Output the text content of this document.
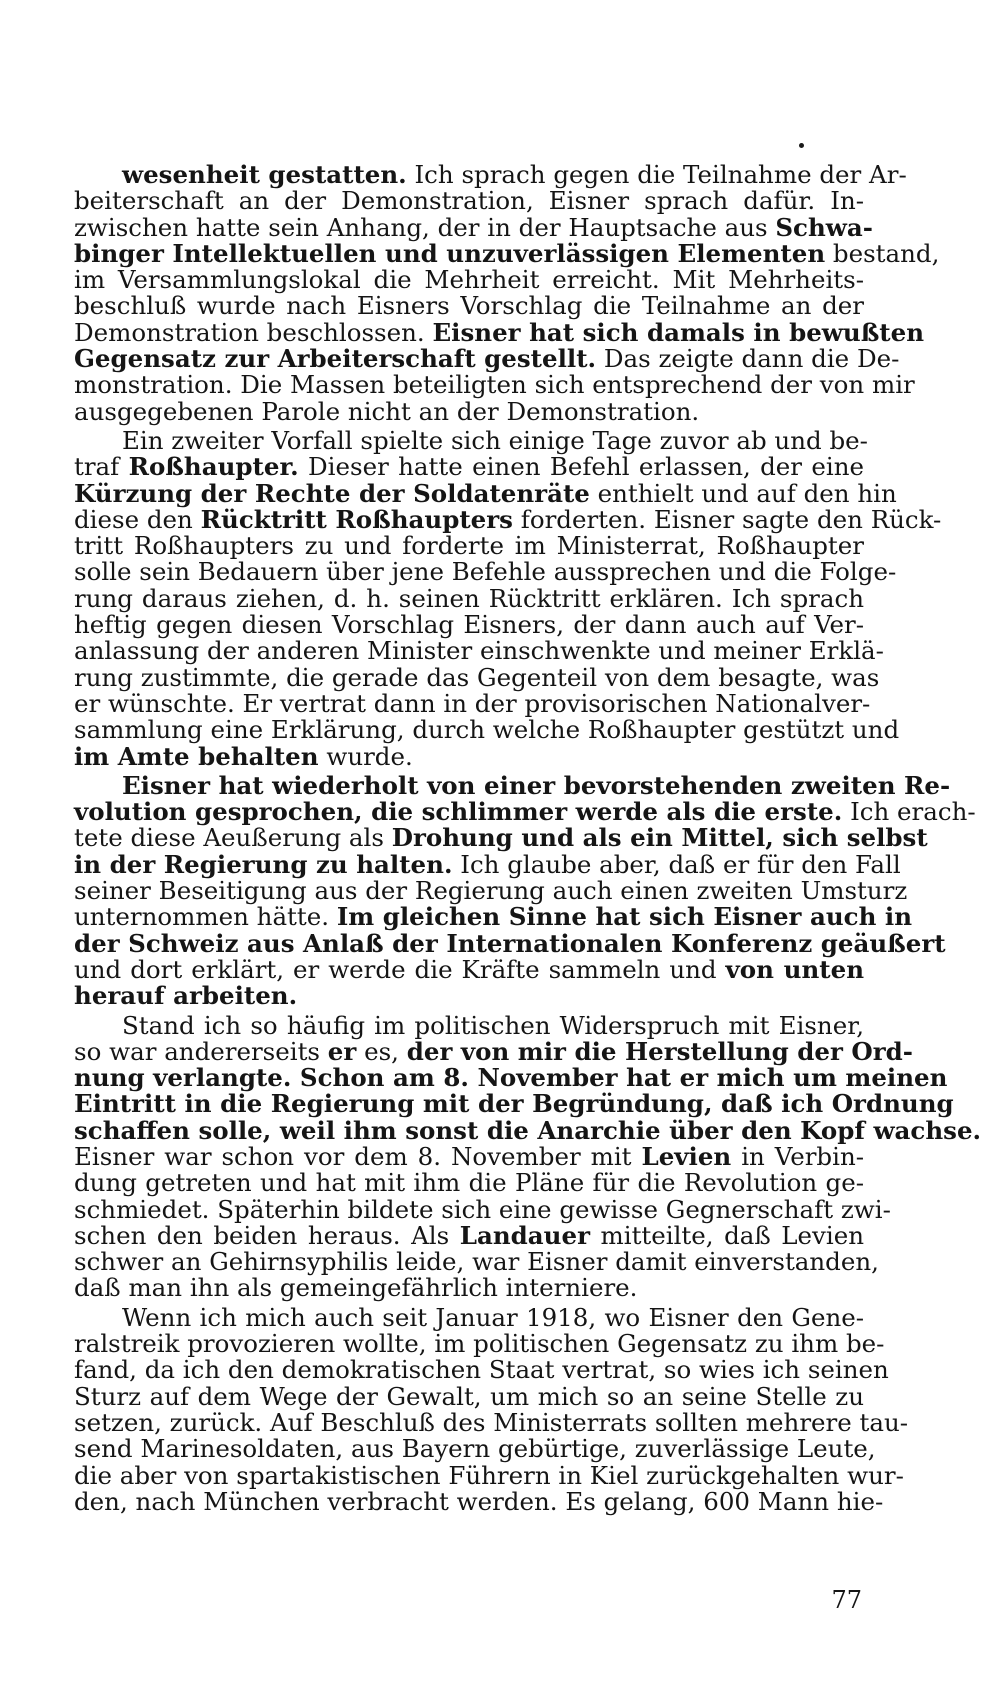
wesenheit gestatten. Ich sprach gegen die Teilnahme der Ar-
beiterschaft an der Demonstration, Eisner sprach dafür. In-
zwischen hatte sein Anhang, der in der Hauptsache aus Schwa-
binger Intellektuellen und unzuverlässigen Elementen bestand,
im Versammlungslokal die Mehrheit erreicht. Mit Mehrheits-
beschluß wurde nach Eisners Vorschlag die Teilnahme an der
Demonstration beschlossen. Eisner hat sich damals in bewußten
Gegensatz zur Arbeiterschaft gestellt. Das zeigte dann die De-
monstration. Die Massen beteiligten sich entsprechend der von mir
ausgegebenen Parole nicht an der Demonstration.

Ein zweiter Vorfall spielte sich einige Tage zuvor ab und be-
traf Roßhaupter. Dieser hatte einen Befehl erlassen, der eine
Kürzung der Rechte der Soldatenräte enthielt und auf den hin
diese den Rücktritt Roßhaupters forderten. Eisner sagte den Rück-
tritt Roßhaupters zu und forderte im Ministerrat, Roßhaupter
solle sein Bedauern über jene Befehle aussprechen und die Folge-
rung daraus ziehen, d. h. seinen Rücktritt erklären. Ich sprach
heftig gegen diesen Vorschlag Eisners, der dann auch auf Ver-
anlassung der anderen Minister einschwenkte und meiner Erklä-
rung zustimmte, die gerade das Gegenteil von dem besagte, was
er wünschte. Er vertrat dann in der provisorischen Nationalver-
sammlung eine Erklärung, durch welche Roßhaupter gestützt und
im Amte behalten wurde.

Eisner hat wiederholt von einer bevorstehenden zweiten Re-
volution gesprochen, die schlimmer werde als die erste. Ich erach-
tete diese Aeußerung als Drohung und als ein Mittel, sich selbst
in der Regierung zu halten. Ich glaube aber, daß er für den Fall
seiner Beseitigung aus der Regierung auch einen zweiten Umsturz
unternommen hätte. Im gleichen Sinne hat sich Eisner auch in
der Schweiz aus Anlaß der Internationalen Konferenz geäußert
und dort erklärt, er werde die Kräfte sammeln und von unten
herauf arbeiten.

Stand ich so häufig im politischen Widerspruch mit Eisner,
so war andererseits er es, der von mir die Herstellung der Ord-
nung verlangte. Schon am 8. November hat er mich um meinen
Eintritt in die Regierung mit der Begründung, daß ich Ordnung
schaffen solle, weil ihm sonst die Anarchie über den Kopf wachse.
Eisner war schon vor dem 8. November mit Levien in Verbin-
dung getreten und hat mit ihm die Pläne für die Revolution ge-
schmiedet. Späterhin bildete sich eine gewisse Gegnerschaft zwi-
schen den beiden heraus. Als Landauer mitteilte, daß Levien
schwer an Gehirnsyphilis leide, war Eisner damit einverstanden,
daß man ihn als gemeingefährlich interniere.

Wenn ich mich auch seit Januar 1918, wo Eisner den Gene-
ralstreik provozieren wollte, im politischen Gegensatz zu ihm be-
fand, da ich den demokratischen Staat vertrat, so wies ich seinen
Sturz auf dem Wege der Gewalt, um mich so an seine Stelle zu
setzen, zurück. Auf Beschluß des Ministerrats sollten mehrere tau-
send Marinesoldaten, aus Bayern gebürtige, zuverlässige Leute,
die aber von spartakistischen Führern in Kiel zurückgehalten wur-
den, nach München verbracht werden. Es gelang, 600 Mann hie-

77
